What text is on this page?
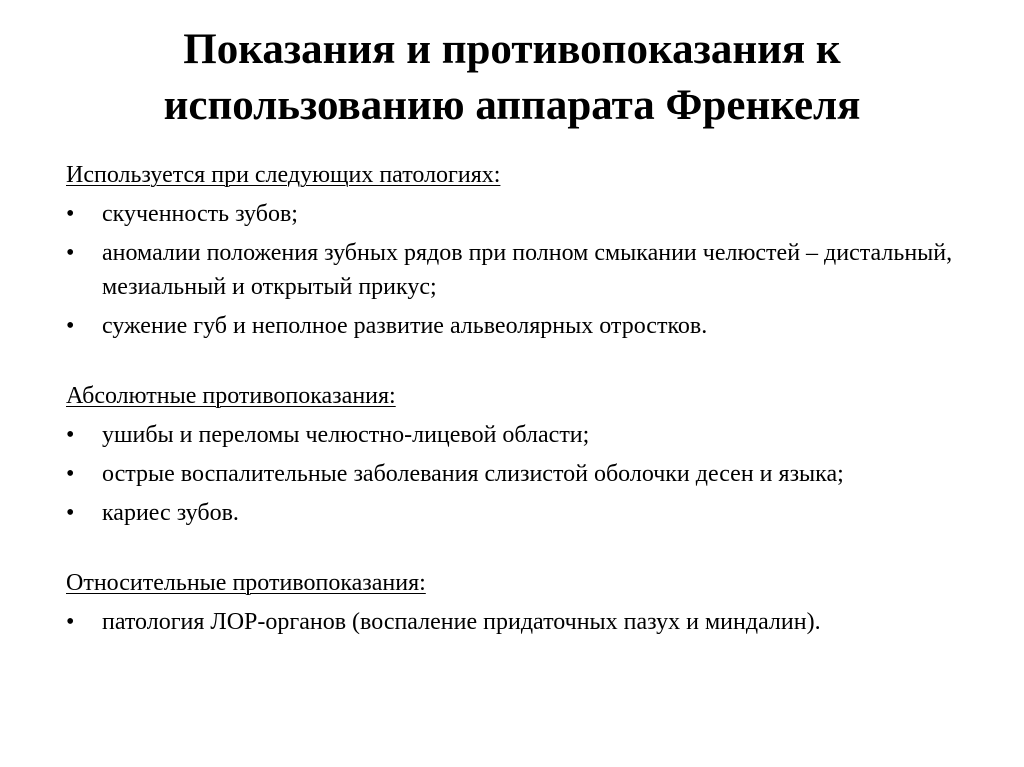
Показания и противопоказания к
использованию аппарата Френкеля
Используется при следующих патологиях:
•	скученность зубов;
•	аномалии положения зубных рядов при полном смыкании челюстей – дистальный, мезиальный и открытый прикус;
•	сужение губ и неполное развитие альвеолярных отростков.
Абсолютные противопоказания:
•	ушибы и переломы челюстно-лицевой области;
•	острые воспалительные заболевания слизистой оболочки десен и языка;
•	кариес зубов.
Относительные противопоказания:
•	патология ЛОР-органов (воспаление придаточных пазух и миндалин).
